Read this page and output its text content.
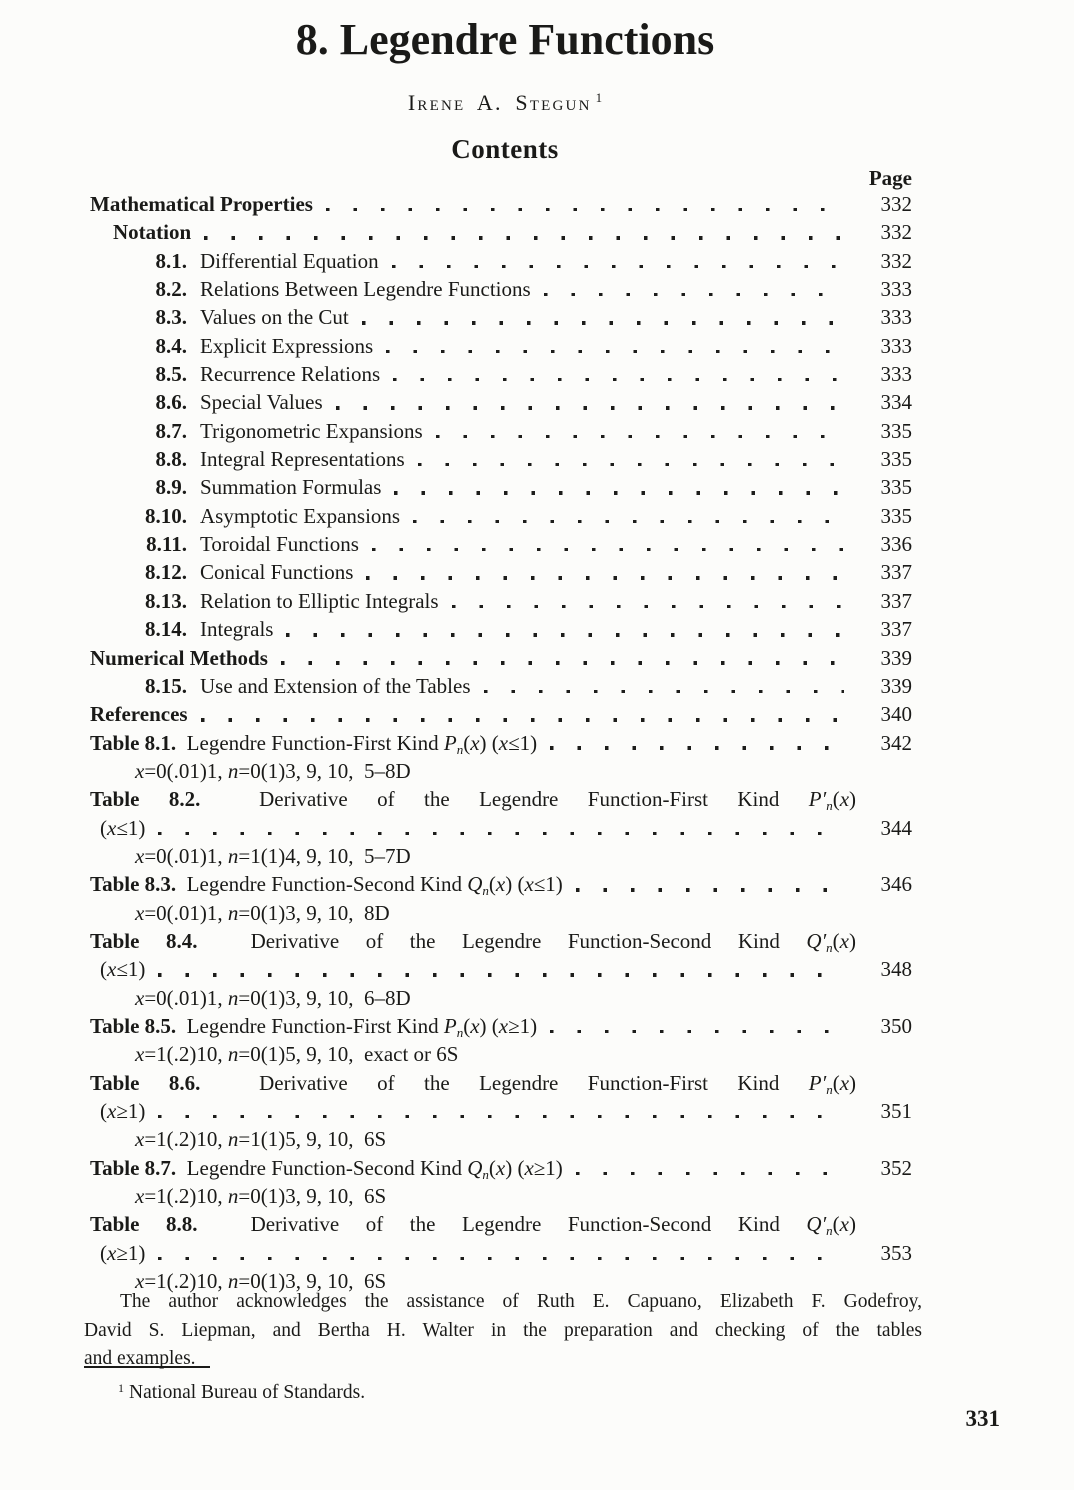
8. Legendre Functions
Irene A. Stegun $^1$
Contents
Page
Mathematical Properties	332
Notation	332
8.1. Differential Equation	332
8.2. Relations Between Legendre Functions	333
8.3. Values on the Cut	333
8.4. Explicit Expressions	333
8.5. Recurrence Relations	333
8.6. Special Values	334
8.7. Trigonometric Expansions	335
8.8. Integral Representations	335
8.9. Summation Formulas	335
8.10. Asymptotic Expansions	335
8.11. Toroidal Functions	336
8.12. Conical Functions	337
8.13. Relation to Elliptic Integrals	337
8.14. Integrals	337
Numerical Methods	339
8.15. Use and Extension of the Tables	339
References	340
Table 8.1.  Legendre Function-First Kind $P_n(x)$ (x≤1)	342
x=0(.01)1, n=0(1)3, 9, 10,  5–8D
Table 8.2.  Derivative of the Legendre Function-First Kind $P'_n(x)$
(x≤1)	344
x=0(.01)1, n=1(1)4, 9, 10,  5–7D
Table 8.3.  Legendre Function-Second Kind $Q_n(x)$ (x≤1)	346
x=0(.01)1, n=0(1)3, 9, 10,  8D
Table 8.4.  Derivative of the Legendre Function-Second Kind $Q'_n(x)$
(x≤1)	348
x=0(.01)1, n=0(1)3, 9, 10,  6–8D
Table 8.5.  Legendre Function-First Kind $P_n(x)$ (x≥1)	350
x=1(.2)10, n=0(1)5, 9, 10,  exact or 6S
Table 8.6.  Derivative of the Legendre Function-First Kind $P'_n(x)$
(x≥1)	351
x=1(.2)10, n=1(1)5, 9, 10,  6S
Table 8.7.  Legendre Function-Second Kind $Q_n(x)$ (x≥1)	352
x=1(.2)10, n=0(1)3, 9, 10,  6S
Table 8.8.  Derivative of the Legendre Function-Second Kind $Q'_n(x)$
(x≥1)	353
x=1(.2)10, n=0(1)3, 9, 10,  6S
The author acknowledges the assistance of Ruth E. Capuano, Elizabeth F. Godefroy,
David S. Liepman, and Bertha H. Walter in the preparation and checking of the tables
and examples.
$^1$ National Bureau of Standards.
331
